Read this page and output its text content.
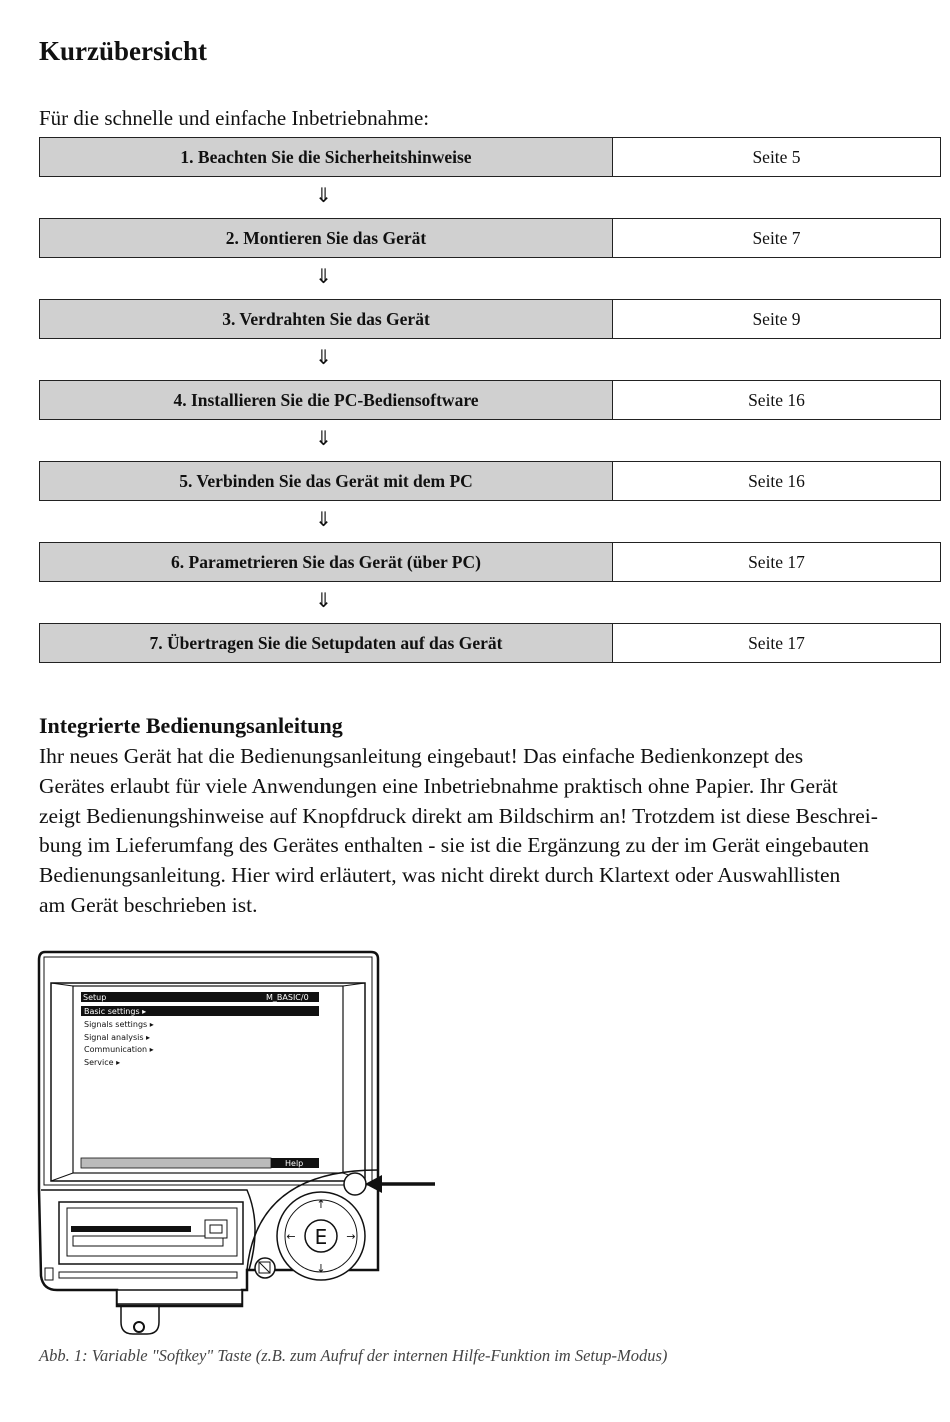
Kurzübersicht
Für die schnelle und einfache Inbetriebnahme:
1. Beachten Sie die Sicherheitshinweise	Seite 5
⇓
2. Montieren Sie das Gerät	Seite 7
⇓
3. Verdrahten Sie das Gerät	Seite 9
⇓
4. Installieren Sie die PC-Bediensoftware	Seite 16
⇓
5. Verbinden Sie das Gerät mit dem PC	Seite 16
⇓
6. Parametrieren Sie das Gerät (über PC)	Seite 17
⇓
7. Übertragen Sie die Setupdaten auf das Gerät	Seite 17
Integrierte Bedienungsanleitung

Ihr neues Gerät hat die Bedienungsanleitung eingebaut! Das einfache Bedienkonzept des

Gerätes erlaubt für viele Anwendungen eine Inbetriebnahme praktisch ohne Papier. Ihr Gerät

zeigt Bedienungshinweise auf Knopfdruck direkt am Bildschirm an! Trotzdem ist diese Beschrei-

bung im Lieferumfang des Gerätes enthalten - sie ist die Ergänzung zu der im Gerät eingebauten

Bedienungsanleitung. Hier wird erläutert, was nicht direkt durch Klartext oder Auswahllisten

am Gerät beschrieben ist.

Setup	M_BASIC/0
Basic settings ▸
Signals settings ▸
Signal analysis ▸
Communication ▸
Service ▸
Help
E
↑
↓
←	→
Abb. 1: Variable "Softkey" Taste (z.B. zum Aufruf der internen Hilfe-Funktion im Setup-Modus)
